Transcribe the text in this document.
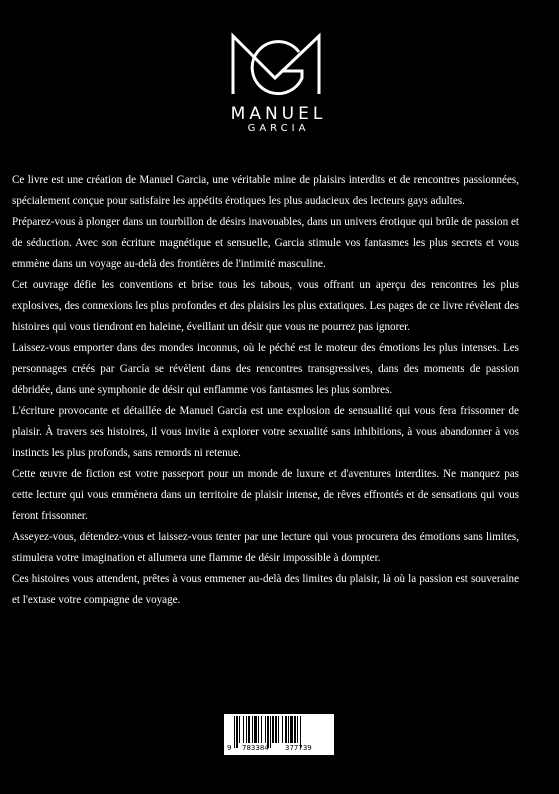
MANUEL
GARCIA

Ce livre est une création de Manuel Garcia, une véritable mine de plaisirs interdits et de rencontres passionnées, spécialement conçue pour satisfaire les appétits érotiques les plus audacieux des lecteurs gays adultes.

Préparez-vous à plonger dans un tourbillon de désirs inavouables, dans un univers érotique qui brûle de passion et de séduction. Avec son écriture magnétique et sensuelle, Garcia stimule vos fantasmes les plus secrets et vous emmène dans un voyage au-delà des frontières de l'intimité masculine.

Cet ouvrage défie les conventions et brise tous les tabous, vous offrant un aperçu des rencontres les plus explosives, des connexions les plus profondes et des plaisirs les plus extatiques. Les pages de ce livre révèlent des histoires qui vous tiendront en haleine, éveillant un désir que vous ne pourrez pas ignorer.

Laissez-vous emporter dans des mondes inconnus, où le péché est le moteur des émotions les plus intenses. Les personnages créés par García se révèlent dans des rencontres transgressives, dans des moments de passion débridée, dans une symphonie de désir qui enflamme vos fantasmes les plus sombres.

L'écriture provocante et détaillée de Manuel García est une explosion de sensualité qui vous fera frissonner de plaisir. À travers ses histoires, il vous invite à explorer votre sexualité sans inhibitions, à vous abandonner à vos instincts les plus profonds, sans remords ni retenue.

Cette œuvre de fiction est votre passeport pour un monde de luxure et d'aventures interdites. Ne manquez pas cette lecture qui vous emmènera dans un territoire de plaisir intense, de rêves effrontés et de sensations qui vous feront frissonner.

Asseyez-vous, détendez-vous et laissez-vous tenter par une lecture qui vous procurera des émotions sans limites, stimulera votre imagination et allumera une flamme de désir impossible à dompter.

Ces histoires vous attendent, prêtes à vous emmener au-delà des limites du plaisir, là où la passion est souveraine et l'extase votre compagne de voyage.

9 783384 377739
